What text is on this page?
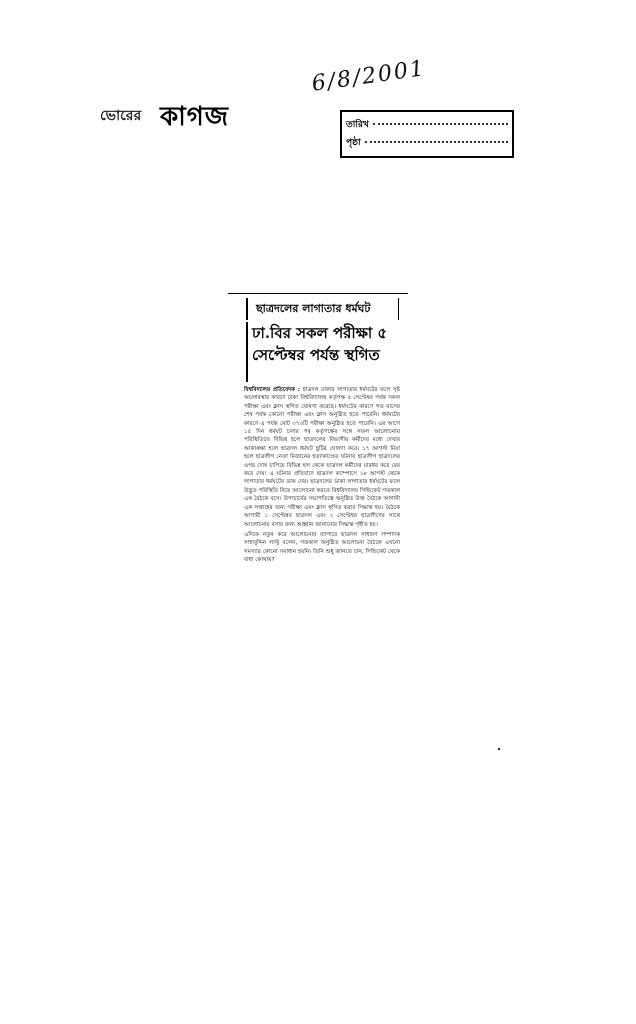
ভোরের কাগজ
6/8/2001
তারিখ
পৃষ্ঠা
ছাত্রদলের লাগাতার ধর্মঘট
ঢা.বির সকল পরীক্ষা ৫ সেপ্টেম্বর পর্যন্ত স্থগিত

বিশ্ববিদ্যালয় প্রতিবেদক : ছাত্রদল ঢাকার লাগাতার ধর্মঘটের ফলে সৃষ্ট অচলাবস্থার কারণে ঢাকা বিশ্ববিদ্যালয় কর্তৃপক্ষ ৫ সেপ্টেম্বর পর্যন্ত সকল পরীক্ষা এবং ক্লাস স্থগিত ঘোষণা করেছে। ধর্মঘটের কারণে গত মাসের শেষ পর্যন্ত কোনো পরীক্ষা এবং ক্লাস অনুষ্ঠিত হতে পারেনি। ধর্মঘটের কারণে এ পর্যন্ত মোট ৩৭৩টি পরীক্ষা অনুষ্ঠিত হতে পারেনি। এর আগে ১৫ দিন ধর্মঘট চলার পর কর্তৃপক্ষের সঙ্গে সফল আলোচনায় পরিস্থিতিতে বিভিন্ন হলে ছাত্রদলের বিভাগীয় কর্মীদের মধ্যে দেখার আকাঙ্ক্ষা হলে ছাত্রদল ধর্মঘট ছুটির ঘোষণা করে। ১৭ আগস্ট মিয়া হলে ছাত্রলীগ নেতা মিজানের হত্যাকাণ্ডের ঘটনায় ছাত্রলীগ ছাত্রদলের ওপর দোষ চাপিয়ে বিভিন্ন হল থেকে ছাত্রদল কর্মীদের মারধর করে বের করে দেয়। এ ঘটনার প্রতিবাদে ছাত্রদল ক্যাম্পাসে ১৮ আগস্ট থেকে লাগাতার ধর্মঘটের ডাক দেয়। ছাত্রদলের ডাকা লাগাতার ধর্মঘটের ফলে উদ্ভূত পরিস্থিতি নিয়ে আলোচনা করতে বিশ্ববিদ্যালয় সিন্ডিকেট গতকাল এক বৈঠকে বসে। উপাচার্যের সভাপতিত্বে অনুষ্ঠিত উক্ত বৈঠকে আগামী এক সপ্তাহের জন্য পরীক্ষা এবং ক্লাস স্থগিত করার সিদ্ধান্ত হয়। বৈঠকে আগামী ১ সেপ্টেম্বর ছাত্রদল এবং ২ সেপ্টেম্বর ছাত্রলীগের সাথে আলোচনায় বসার জন্য আহ্বান জানানোর সিদ্ধান্ত গৃহীত হয়।

এদিকে নতুন করে আলোচনার ব্যাপারে ছাত্রদল সাধারণ সম্পাদক সাহাবুদ্দিন লাল্টু বলেন, গতকাল অনুষ্ঠিত আলোচনা বৈঠকে এখনো সমস্যার কোনো সমাধান হয়নি। তিনি শুধু জানতে চান, সিন্ডিকেট থেকে বাধা কোথায়?
